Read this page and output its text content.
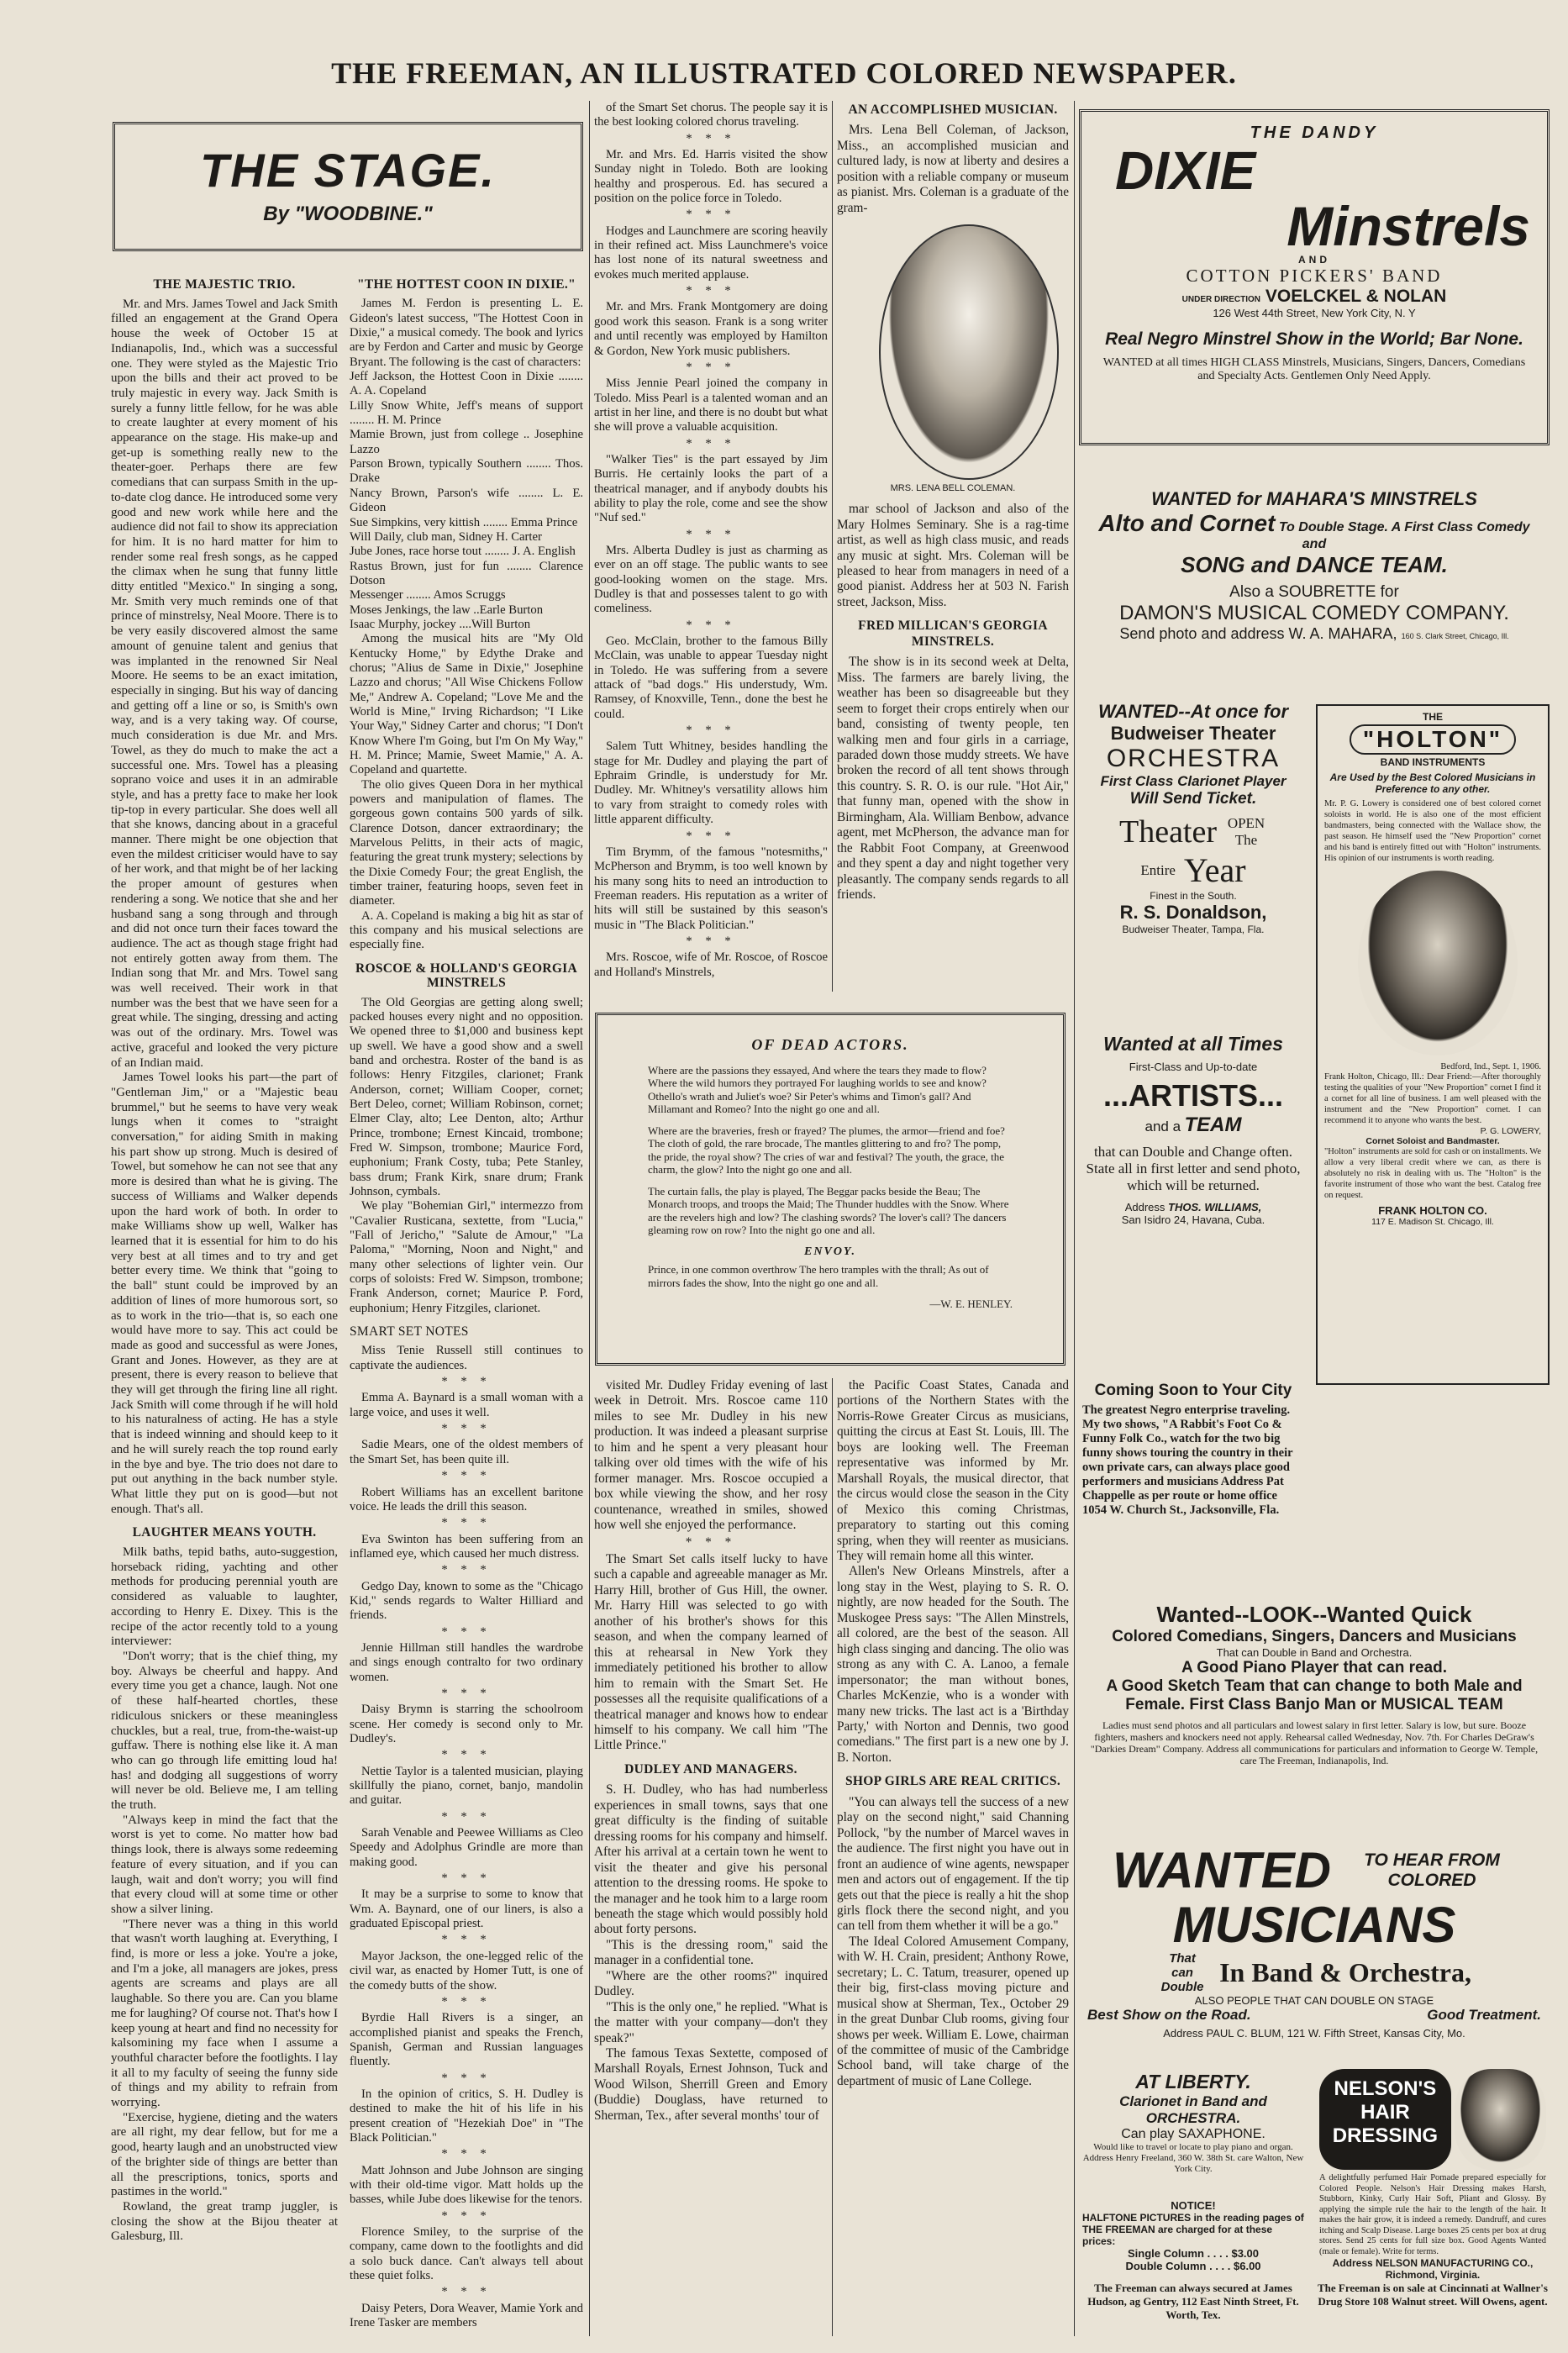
THE FREEMAN, AN ILLUSTRATED COLORED NEWSPAPER.
THE STAGE.
By "WOODBINE."
THE MAJESTIC TRIO.

Mr. and Mrs. James Towel and Jack Smith filled an engagement at the Grand Opera house the week of October 15 at Indianapolis, Ind., which was a successful one. They were styled as the Majestic Trio upon the bills and their act proved to be truly majestic in every way. Jack Smith is surely a funny little fellow, for he was able to create laughter at every moment of his appearance on the stage. His make-up and get-up is something really new to the theater-goer. Perhaps there are few comedians that can surpass Smith in the up-to-date clog dance. He introduced some very good and new work while here and the audience did not fail to show its appreciation for him. It is no hard matter for him to render some real fresh songs, as he capped the climax when he sung that funny little ditty entitled "Mexico." In singing a song, Mr. Smith very much reminds one of that prince of minstrelsy, Neal Moore. There is to be very easily discovered almost the same amount of genuine talent and genius that was implanted in the renowned Sir Neal Moore. He seems to be an exact imitation, especially in singing. But his way of dancing and getting off a line or so, is Smith's own way, and is a very taking way. Of course, much consideration is due Mr. and Mrs. Towel, as they do much to make the act a successful one. Mrs. Towel has a pleasing soprano voice and uses it in an admirable style, and has a pretty face to make her look tip-top in every particular. She does well all that she knows, dancing about in a graceful manner. There might be one objection that even the mildest criticiser would have to say of her work, and that might be of her lacking the proper amount of gestures when rendering a song. We notice that she and her husband sang a song through and through and did not once turn their faces toward the audience. The act as though stage fright had not entirely gotten away from them. The Indian song that Mr. and Mrs. Towel sang was well received. Their work in that number was the best that we have seen for a great while. The singing, dressing and acting was out of the ordinary. Mrs. Towel was active, graceful and looked the very picture of an Indian maid.

James Towel looks his part—the part of "Gentleman Jim," or a "Majestic beau brummel," but he seems to have very weak lungs when it comes to "straight conversation," for aiding Smith in making his part show up strong. Much is desired of Towel, but somehow he can not see that any more is desired than what he is giving. The success of Williams and Walker depends upon the hard work of both. In order to make Williams show up well, Walker has learned that it is essential for him to do his very best at all times and to try and get better every time. We think that "going to the ball" stunt could be improved by an addition of lines of more humorous sort, so as to work in the trio—that is, so each one would have more to say. This act could be made as good and successful as were Jones, Grant and Jones. However, as they are at present, there is every reason to believe that they will get through the firing line all right. Jack Smith will come through if he will hold to his naturalness of acting. He has a style that is indeed winning and should keep to it and he will surely reach the top round early in the bye and bye. The trio does not dare to put out anything in the back number style. What little they put on is good—but not enough. That's all.

LAUGHTER MEANS YOUTH.

Milk baths, tepid baths, auto-suggestion, horseback riding, yachting and other methods for producing perennial youth are considered as valuable to laughter, according to Henry E. Dixey. This is the recipe of the actor recently told to a young interviewer:

"Don't worry; that is the chief thing, my boy. Always be cheerful and happy. And every time you get a chance, laugh. Not one of these half-hearted chortles, these ridiculous snickers or these meaningless chuckles, but a real, true, from-the-waist-up guffaw. There is nothing else like it. A man who can go through life emitting loud ha! has! and dodging all suggestions of worry will never be old. Believe me, I am telling the truth.

"Always keep in mind the fact that the worst is yet to come. No matter how bad things look, there is always some redeeming feature of every situation, and if you can laugh, wait and don't worry; you will find that every cloud will at some time or other show a silver lining.

"There never was a thing in this world that wasn't worth laughing at. Everything, I find, is more or less a joke. You're a joke, and I'm a joke, all managers are jokes, press agents are screams and plays are all laughable. So there you are. Can you blame me for laughing? Of course not. That's how I keep young at heart and find no necessity for kalsomining my face when I assume a youthful character before the footlights. I lay it all to my faculty of seeing the funny side of things and my ability to refrain from worrying.

"Exercise, hygiene, dieting and the waters are all right, my dear fellow, but for me a good, hearty laugh and an unobstructed view of the brighter side of things are better than all the prescriptions, tonics, sports and pastimes in the world."

Rowland, the great tramp juggler, is closing the show at the Bijou theater at Galesburg, Ill.

"THE HOTTEST COON IN DIXIE."

James M. Ferdon is presenting L. E. Gideon's latest success, "The Hottest Coon in Dixie," a musical comedy. The book and lyrics are by Ferdon and Carter and music by George Bryant. The following is the cast of characters:

Jeff Jackson, the Hottest Coon in Dixie ........ A. A. Copeland
Lilly Snow White, Jeff's means of support ........ H. M. Prince
Mamie Brown, just from college .. Josephine Lazzo
Parson Brown, typically Southern ........ Thos. Drake
Nancy Brown, Parson's wife ........ L. E. Gideon
Sue Simpkins, very kittish ........ Emma Prince
Will Daily, club man, Sidney H. Carter
Jube Jones, race horse tout ........ J. A. English
Rastus Brown, just for fun ........ Clarence Dotson
Messenger ........ Amos Scruggs
Moses Jenkings, the law ..Earle Burton
Isaac Murphy, jockey ....Will Burton

Among the musical hits are "My Old Kentucky Home," by Edythe Drake and chorus; "Alius de Same in Dixie," Josephine Lazzo and chorus; "All Wise Chickens Follow Me," Andrew A. Copeland; "Love Me and the World is Mine," Irving Richardson; "I Like Your Way," Sidney Carter and chorus; "I Don't Know Where I'm Going, but I'm On My Way," H. M. Prince; Mamie, Sweet Mamie," A. A. Copeland and quartette.

The olio gives Queen Dora in her mythical powers and manipulation of flames. The gorgeous gown contains 500 yards of silk. Clarence Dotson, dancer extraordinary; the Marvelous Pelitts, in their acts of magic, featuring the great trunk mystery; selections by the Dixie Comedy Four; the great English, the timber trainer, featuring hoops, seven feet in diameter.

A. A. Copeland is making a big hit as star of this company and his musical selections are especially fine.

ROSCOE & HOLLAND'S GEORGIA MINSTRELS

The Old Georgias are getting along swell; packed houses every night and no opposition. We opened three to $1,000 and business kept up swell. We have a good show and a swell band and orchestra. Roster of the band is as follows: Henry Fitzgiles, clarionet; Frank Anderson, cornet; William Cooper, cornet; Bert Deleo, cornet; William Robinson, cornet; Elmer Clay, alto; Lee Denton, alto; Arthur Prince, trombone; Ernest Kincaid, trombone; Fred W. Simpson, trombone; Maurice Ford, euphonium; Frank Costy, tuba; Pete Stanley, bass drum; Frank Kirk, snare drum; Frank Johnson, cymbals.

We play "Bohemian Girl," intermezzo from "Cavalier Rusticana, sextette, from "Lucia," "Fall of Jericho," "Salute de Amour," "La Paloma," "Morning, Noon and Night," and many other selections of lighter vein. Our corps of soloists: Fred W. Simpson, trombone; Frank Anderson, cornet; Maurice P. Ford, euphonium; Henry Fitzgiles, clarionet.

SMART SET NOTES

Miss Tenie Russell still continues to captivate the audiences.

* * *

Emma A. Baynard is a small woman with a large voice, and uses it well.

* * *

Sadie Mears, one of the oldest members of the Smart Set, has been quite ill.

* * *

Robert Williams has an excellent baritone voice. He leads the drill this season.

* * *

Eva Swinton has been suffering from an inflamed eye, which caused her much distress.

* * *

Gedgo Day, known to some as the "Chicago Kid," sends regards to Walter Hilliard and friends.

* * *

Jennie Hillman still handles the wardrobe and sings enough contralto for two ordinary women.

* * *

Daisy Brymn is starring the schoolroom scene. Her comedy is second only to Mr. Dudley's.

* * *

Nettie Taylor is a talented musician, playing skillfully the piano, cornet, banjo, mandolin and guitar.

* * *

Sarah Venable and Peewee Williams as Cleo Speedy and Adolphus Grindle are more than making good.

* * *

It may be a surprise to some to know that Wm. A. Baynard, one of our liners, is also a graduated Episcopal priest.

* * *

Mayor Jackson, the one-legged relic of the civil war, as enacted by Homer Tutt, is one of the comedy butts of the show.

* * *

Byrdie Hall Rivers is a singer, an accomplished pianist and speaks the French, Spanish, German and Russian languages fluently.

* * *

In the opinion of critics, S. H. Dudley is destined to make the hit of his life in his present creation of "Hezekiah Doe" in "The Black Politician."

* * *

Matt Johnson and Jube Johnson are singing with their old-time vigor. Matt holds up the basses, while Jube does likewise for the tenors.

* * *

Florence Smiley, to the surprise of the company, came down to the footlights and did a solo buck dance. Can't always tell about these quiet folks.

* * *

Daisy Peters, Dora Weaver, Mamie York and Irene Tasker are members

of the Smart Set chorus. The people say it is the best looking colored chorus traveling.

* * *

Mr. and Mrs. Ed. Harris visited the show Sunday night in Toledo. Both are looking healthy and prosperous. Ed. has secured a position on the police force in Toledo.

* * *

Hodges and Launchmere are scoring heavily in their refined act. Miss Launchmere's voice has lost none of its natural sweetness and evokes much merited applause.

* * *

Mr. and Mrs. Frank Montgomery are doing good work this season. Frank is a song writer and until recently was employed by Hamilton & Gordon, New York music publishers.

* * *

Miss Jennie Pearl joined the company in Toledo. Miss Pearl is a talented woman and an artist in her line, and there is no doubt but what she will prove a valuable acquisition.

* * *

"Walker Ties" is the part essayed by Jim Burris. He certainly looks the part of a theatrical manager, and if anybody doubts his ability to play the role, come and see the show "Nuf sed."

* * *

Mrs. Alberta Dudley is just as charming as ever on an off stage. The public wants to see good-looking women on the stage. Mrs. Dudley is that and possesses talent to go with comeliness.

* * *

Geo. McClain, brother to the famous Billy McClain, was unable to appear Tuesday night in Toledo. He was suffering from a severe attack of "bad dogs." His understudy, Wm. Ramsey, of Knoxville, Tenn., done the best he could.

* * *

Salem Tutt Whitney, besides handling the stage for Mr. Dudley and playing the part of Ephraim Grindle, is understudy for Mr. Dudley. Mr. Whitney's versatility allows him to vary from straight to comedy roles with little apparent difficulty.

* * *

Tim Brymm, of the famous "notesmiths," McPherson and Brymm, is too well known by his many song hits to need an introduction to Freeman readers. His reputation as a writer of hits will still be sustained by this season's music in "The Black Politician."

* * *

Mrs. Roscoe, wife of Mr. Roscoe, of Roscoe and Holland's Minstrels,

AN ACCOMPLISHED MUSICIAN.

Mrs. Lena Bell Coleman, of Jackson, Miss., an accomplished musician and cultured lady, is now at liberty and desires a position with a reliable company or museum as pianist. Mrs. Coleman is a graduate of the gram-

mar school of Jackson and also of the Mary Holmes Seminary. She is a rag-time artist, as well as high class music, and reads any music at sight. Mrs. Coleman will be pleased to hear from managers in need of a good pianist. Address her at 503 N. Farish street, Jackson, Miss.

FRED MILLICAN'S GEORGIA MINSTRELS.

The show is in its second week at Delta, Miss. The farmers are barely living, the weather has been so disagreeable but they seem to forget their crops entirely when our band, consisting of twenty people, ten walking men and four girls in a carriage, paraded down those muddy streets. We have broken the record of all tent shows through this country. S. R. O. is our rule. "Hot Air," that funny man, opened with the show in Birmingham, Ala. William Benbow, advance agent, met McPherson, the advance man for the Rabbit Foot Company, at Greenwood and they spent a day and night together very pleasantly. The company sends regards to all friends.

MRS. LENA BELL COLEMAN.
OF DEAD ACTORS.
Where are the passions they essayed, And where the tears they made to flow? Where the wild humors they portrayed For laughing worlds to see and know? Othello's wrath and Juliet's woe? Sir Peter's whims and Timon's gall? And Millamant and Romeo? Into the night go one and all.
Where are the braveries, fresh or frayed? The plumes, the armor—friend and foe? The cloth of gold, the rare brocade, The mantles glittering to and fro? The pomp, the pride, the royal show? The cries of war and festival? The youth, the grace, the charm, the glow? Into the night go one and all.
The curtain falls, the play is played, The Beggar packs beside the Beau; The Monarch troops, and troops the Maid; The Thunder huddles with the Snow. Where are the revelers high and low? The clashing swords? The lover's call? The dancers gleaming row on row? Into the night go one and all.
ENVOY.
Prince, in one common overthrow The hero tramples with the thrall; As out of mirrors fades the show, Into the night go one and all.
—W. E. HENLEY.

visited Mr. Dudley Friday evening of last week in Detroit. Mrs. Roscoe came 110 miles to see Mr. Dudley in his new production. It was indeed a pleasant surprise to him and he spent a very pleasant hour talking over old times with the wife of his former manager. Mrs. Roscoe occupied a box while viewing the show, and her rosy countenance, wreathed in smiles, showed how well she enjoyed the performance.

* * *

The Smart Set calls itself lucky to have such a capable and agreeable manager as Mr. Harry Hill, brother of Gus Hill, the owner. Mr. Harry Hill was selected to go with another of his brother's shows for this season, and when the company learned of this at rehearsal in New York they immediately petitioned his brother to allow him to remain with the Smart Set. He possesses all the requisite qualifications of a theatrical manager and knows how to endear himself to his company. We call him "The Little Prince."

DUDLEY AND MANAGERS.

S. H. Dudley, who has had numberless experiences in small towns, says that one great difficulty is the finding of suitable dressing rooms for his company and himself. After his arrival at a certain town he went to visit the theater and give his personal attention to the dressing rooms. He spoke to the manager and he took him to a large room beneath the stage which would possibly hold about forty persons.

"This is the dressing room," said the manager in a confidential tone.

"Where are the other rooms?" inquired Dudley.

"This is the only one," he replied. "What is the matter with your company—don't they speak?"

The famous Texas Sextette, composed of Marshall Royals, Ernest Johnson, Tuck and Wood Wilson, Sherrill Green and Emory (Buddie) Douglass, have returned to Sherman, Tex., after several months' tour of

the Pacific Coast States, Canada and portions of the Northern States with the Norris-Rowe Greater Circus as musicians, quitting the circus at East St. Louis, Ill. The boys are looking well. The Freeman representative was informed by Mr. Marshall Royals, the musical director, that the circus would close the season in the City of Mexico this coming Christmas, preparatory to starting out this coming spring, when they will reenter as musicians. They will remain home all this winter.

Allen's New Orleans Minstrels, after a long stay in the West, playing to S. R. O. nightly, are now headed for the South. The Muskogee Press says: "The Allen Minstrels, all colored, are the best of the season. All high class singing and dancing. The olio was strong as any with C. A. Lanoo, a female impersonator; the man without bones, Charles McKenzie, who is a wonder with many new tricks. The last act is a 'Birthday Party,' with Norton and Dennis, two good comedians." The first part is a new one by J. B. Norton.

SHOP GIRLS ARE REAL CRITICS.

"You can always tell the success of a new play on the second night," said Channing Pollock, "by the number of Marcel waves in the audience. The first night you have out in front an audience of wine agents, newspaper men and actors out of engagement. If the tip gets out that the piece is really a hit the shop girls flock there the second night, and you can tell from them whether it will be a go."

The Ideal Colored Amusement Company, with W. H. Crain, president; Anthony Rowe, secretary; L. C. Tatum, treasurer, opened up their big, first-class moving picture and musical show at Sherman, Tex., October 29 in the great Dunbar Club rooms, giving four shows per week. William E. Lowe, chairman of the committee of music of the Cambridge School band, will take charge of the department of music of Lane College.

THE DANDY
DIXIE
Minstrels
AND
COTTON PICKERS' BAND
UNDER DIRECTION VOELCKEL & NOLAN
126 West 44th Street, New York City, N. Y
Real Negro Minstrel Show in the World; Bar None.
WANTED at all times HIGH CLASS Minstrels, Musicians, Singers, Dancers, Comedians and Specialty Acts. Gentlemen Only Need Apply.
WANTED for MAHARA'S MINSTRELS
Alto and Cornet To Double Stage. A First Class Comedy and
SONG and DANCE TEAM.
Also a SOUBRETTE for
DAMON'S MUSICAL COMEDY COMPANY.
Send photo and address W. A. MAHARA, 160 S. Clark Street, Chicago, Ill.
WANTED--At once for
Budweiser Theater
ORCHESTRA
First Class Clarionet Player
Will Send Ticket.
Theater OPEN The
Entire Year
Finest in the South.
R. S. Donaldson,
Budweiser Theater, Tampa, Fla.
THE
"HOLTON"
BAND INSTRUMENTS
Are Used by the Best Colored Musicians in Preference to any other.
Mr. P. G. Lowery is considered one of best colored cornet soloists in world. He is also one of the most efficient bandmasters, being connected with the Wallace show, the past season. He himself used the "New Proportion" cornet and his band is entirely fitted out with "Holton" instruments. His opinion of our instruments is worth reading.
Bedford, Ind., Sept. 1, 1906.
Frank Holton, Chicago, Ill.: Dear Friend:—After thoroughly testing the qualities of your "New Proportion" cornet I find it a cornet for all line of business. I am well pleased with the instrument and the "New Proportion" cornet. I can recommend it to anyone who wants the best.
P. G. LOWERY,
Cornet Soloist and Bandmaster.
"Holton" instruments are sold for cash or on installments. We allow a very liberal credit where we can, as there is absolutely no risk in dealing with us. The "Holton" is the favorite instrument of those who want the best. Catalog free on request.
FRANK HOLTON CO.
117 E. Madison St. Chicago, Ill.
Wanted at all Times
First-Class and Up-to-date
...ARTISTS...
and a TEAM
that can Double and Change often. State all in first letter and send photo, which will be returned.
Address THOS. WILLIAMS,
San Isidro 24, Havana, Cuba.
Coming Soon to Your City
The greatest Negro enterprise traveling. My two shows, "A Rabbit's Foot Co & Funny Folk Co., watch for the two big funny shows touring the country in their own private cars, can always place good performers and musicians Address Pat Chappelle as per route or home office 1054 W. Church St., Jacksonville, Fla.
Wanted--LOOK--Wanted Quick
Colored Comedians, Singers, Dancers and Musicians
That can Double in Band and Orchestra.
A Good Piano Player that can read.
A Good Sketch Team that can change to both Male and Female. First Class Banjo Man or MUSICAL TEAM
Ladies must send photos and all particulars and lowest salary in first letter. Salary is low, but sure. Booze fighters, mashers and knockers need not apply. Rehearsal called Wednesday, Nov. 7th. For Charles DeGraw's "Darkies Dream" Company. Address all communications for particulars and information to George W. Temple, care The Freeman, Indianapolis, Ind.
WANTED	TO HEAR FROM COLORED
MUSICIANS
That can Double In Band & Orchestra,
ALSO PEOPLE THAT CAN DOUBLE ON STAGE
Best Show on the Road.	Good Treatment.
Address PAUL C. BLUM, 121 W. Fifth Street, Kansas City, Mo.
AT LIBERTY.
Clarionet in Band and ORCHESTRA.
Can play SAXAPHONE.
Would like to travel or locate to play piano and organ. Address Henry Freeland, 360 W. 38th St. care Walton, New York City.
NOTICE!
HALFTONE PICTURES in the reading pages of THE FREEMAN are charged for at these prices:
Single Column . . . . $3.00
Double Column . . . . $6.00
The Freeman can always secured at James Hudson, ag Gentry, 112 East Ninth Street, Ft. Worth, Tex.
NELSON'S HAIR DRESSING
A delightfully perfumed Hair Pomade prepared especially for Colored People. Nelson's Hair Dressing makes Harsh, Stubborn, Kinky, Curly Hair Soft, Pliant and Glossy. By applying the simple rule the hair to the length of the hair. It makes the hair grow, it is indeed a remedy. Dandruff, and cures itching and Scalp Disease. Large boxes 25 cents per box at drug stores. Send 25 cents for full size box. Good Agents Wanted (male or female). Write for terms.
Address NELSON MANUFACTURING CO.,
Richmond, Virginia.
The Freeman is on sale at Cincinnati at Wallner's Drug Store 108 Walnut street. Will Owens, agent.
